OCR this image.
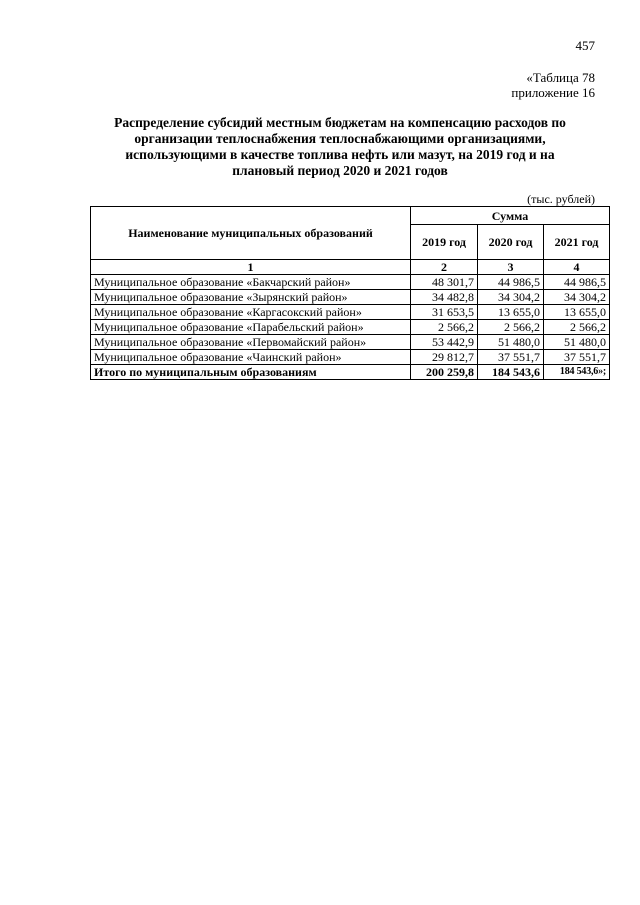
457
«Таблица 78
приложение 16
Распределение субсидий местным бюджетам на компенсацию расходов по
организации теплоснабжения теплоснабжающими организациями,
использующими в качестве топлива нефть или мазут, на 2019 год и на
плановый период 2020 и 2021 годов
(тыс. рублей)
Наименование муниципальных образований	Сумма		
	2019 год	2020 год	2021 год
1	2	3	4
Муниципальное образование «Бакчарский район»	48 301,7	44 986,5	44 986,5
Муниципальное образование «Зырянский район»	34 482,8	34 304,2	34 304,2
Муниципальное образование «Каргасокский район»	31 653,5	13 655,0	13 655,0
Муниципальное образование «Парабельский район»	2 566,2	2 566,2	2 566,2
Муниципальное образование «Первомайский район»	53 442,9	51 480,0	51 480,0
Муниципальное образование «Чаинский район»	29 812,7	37 551,7	37 551,7
Итого по муниципальным образованиям	200 259,8	184 543,6	184 543,6»;
